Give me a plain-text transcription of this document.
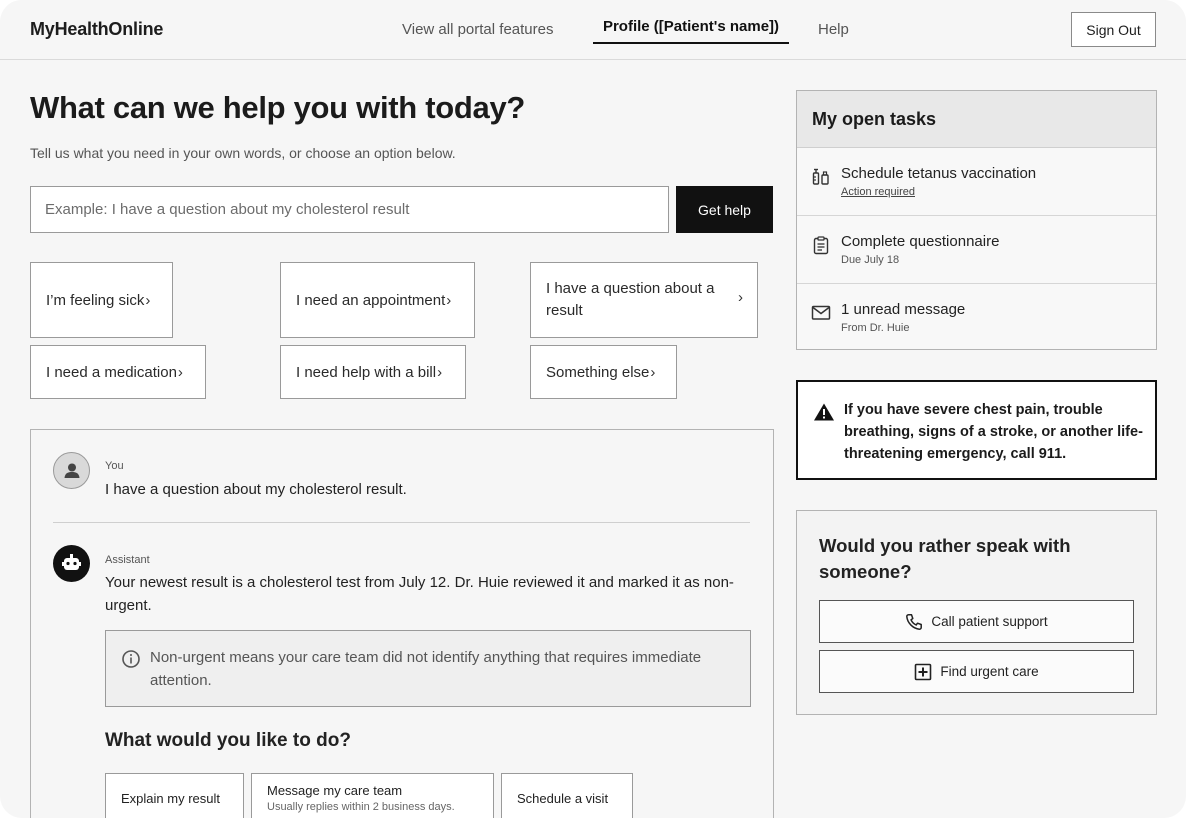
MyHealthOnline	View all portal features	Profile ([Patient's name])	Help	Sign Out
What can we help you with today?
Tell us what you need in your own words, or choose an option below.
Example: I have a question about my cholesterol result
Get help
I’m feeling sick ›	I need an appointment ›
I have a question about a result
›
I need a medication ›	I need help with a bill ›	Something else ›
You
I have a question about my cholesterol result.
Assistant
Your newest result is a cholesterol test from July 12. Dr. Huie reviewed it and marked it as non-urgent.
Non-urgent means your care team did not identify anything that requires immediate attention.
What would you like to do?
Explain my result
Message my care team
Usually replies within 2 business days.
Schedule a visit
My open tasks
Schedule tetanus vaccination
Action required
Complete questionnaire
Due July 18
1 unread message
From Dr. Huie
If you have severe chest pain, trouble breathing, signs of a stroke, or another life-threatening emergency, call 911.
Would you rather speak with someone?
Call patient support
Find urgent care
